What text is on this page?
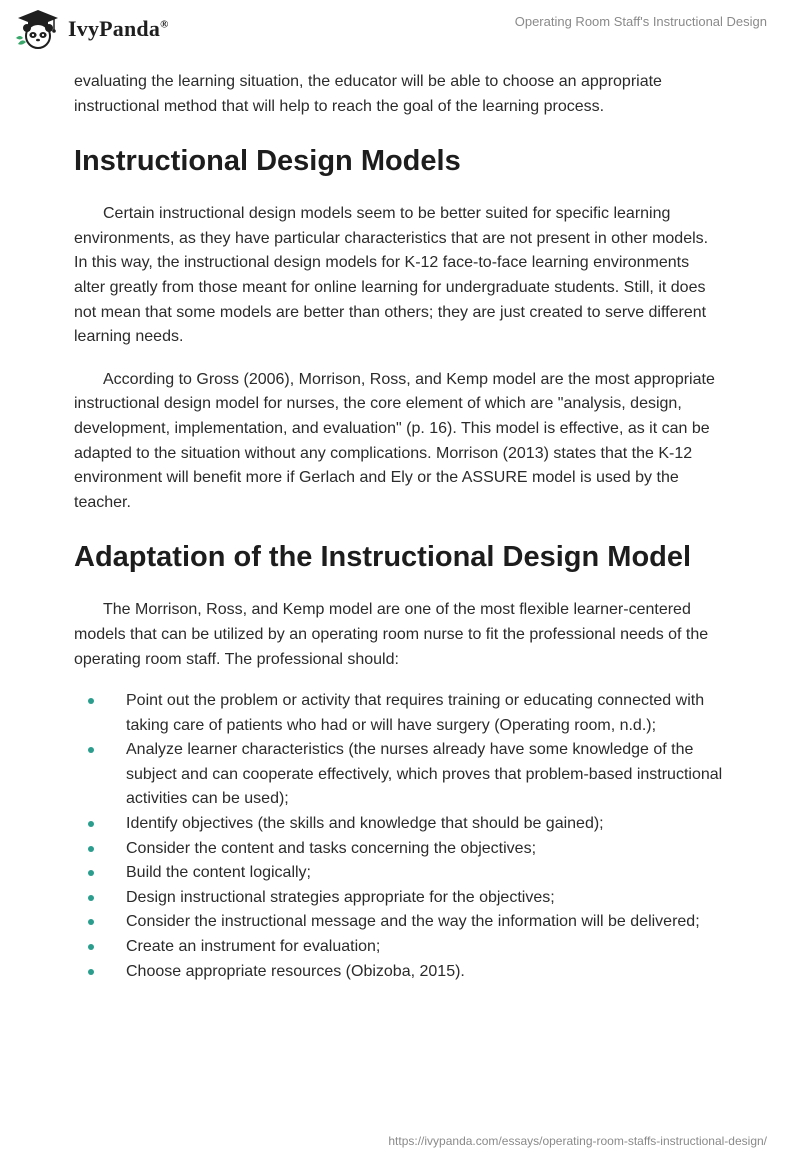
IvyPanda®	Operating Room Staff's Instructional Design

evaluating the learning situation, the educator will be able to choose an appropriate instructional method that will help to reach the goal of the learning process.

Instructional Design Models

Certain instructional design models seem to be better suited for specific learning environments, as they have particular characteristics that are not present in other models. In this way, the instructional design models for K-12 face-to-face learning environments alter greatly from those meant for online learning for undergraduate students. Still, it does not mean that some models are better than others; they are just created to serve different learning needs.

According to Gross (2006), Morrison, Ross, and Kemp model are the most appropriate instructional design model for nurses, the core element of which are "analysis, design, development, implementation, and evaluation" (p. 16). This model is effective, as it can be adapted to the situation without any complications. Morrison (2013) states that the K-12 environment will benefit more if Gerlach and Ely or the ASSURE model is used by the teacher.

Adaptation of the Instructional Design Model

The Morrison, Ross, and Kemp model are one of the most flexible learner-centered models that can be utilized by an operating room nurse to fit the professional needs of the operating room staff. The professional should:

Point out the problem or activity that requires training or educating connected with taking care of patients who had or will have surgery (Operating room, n.d.);
Analyze learner characteristics (the nurses already have some knowledge of the subject and can cooperate effectively, which proves that problem-based instructional activities can be used);
Identify objectives (the skills and knowledge that should be gained);
Consider the content and tasks concerning the objectives;
Build the content logically;
Design instructional strategies appropriate for the objectives;
Consider the instructional message and the way the information will be delivered;
Create an instrument for evaluation;
Choose appropriate resources (Obizoba, 2015).
https://ivypanda.com/essays/operating-room-staffs-instructional-design/
